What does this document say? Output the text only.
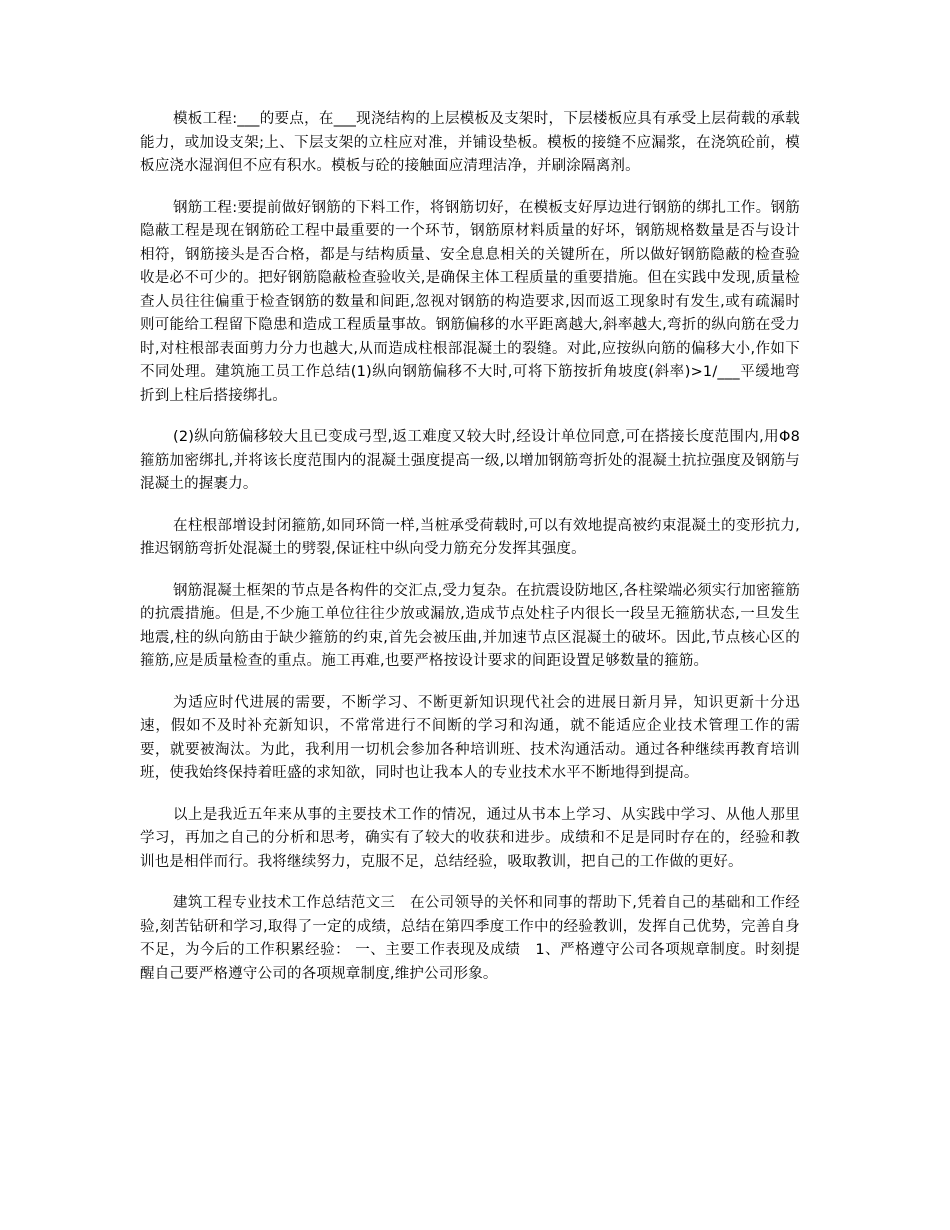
模板工程:___的要点，在___现浇结构的上层模板及支架时，下层楼板应具有承受上层荷载的承载能力，或加设支架;上、下层支架的立柱应对准，并铺设垫板。模板的接缝不应漏浆，在浇筑砼前，模板应浇水湿润但不应有积水。模板与砼的接触面应清理洁净，并刷涂隔离剂。

钢筋工程:要提前做好钢筋的下料工作，将钢筋切好，在模板支好厚边进行钢筋的绑扎工作。钢筋隐蔽工程是现在钢筋砼工程中最重要的一个环节，钢筋原材料质量的好坏，钢筋规格数量是否与设计相符，钢筋接头是否合格，都是与结构质量、安全息息相关的关键所在，所以做好钢筋隐蔽的检查验收是必不可少的。把好钢筋隐蔽检查验收关,是确保主体工程质量的重要措施。但在实践中发现,质量检查人员往往偏重于检查钢筋的数量和间距,忽视对钢筋的构造要求,因而返工现象时有发生,或有疏漏时则可能给工程留下隐患和造成工程质量事故。钢筋偏移的水平距离越大,斜率越大,弯折的纵向筋在受力时,对柱根部表面剪力分力也越大,从而造成柱根部混凝土的裂缝。对此,应按纵向筋的偏移大小,作如下不同处理。建筑施工员工作总结(1)纵向钢筋偏移不大时,可将下筋按折角坡度(斜率)>1/___平缓地弯折到上柱后搭接绑扎。

(2)纵向筋偏移较大且已变成弓型,返工难度又较大时,经设计单位同意,可在搭接长度范围内,用Φ8箍筋加密绑扎,并将该长度范围内的混凝土强度提高一级,以增加钢筋弯折处的混凝土抗拉强度及钢筋与混凝土的握裹力。

在柱根部增设封闭箍筋,如同环筒一样,当桩承受荷载时,可以有效地提高被约束混凝土的变形抗力,推迟钢筋弯折处混凝土的劈裂,保证柱中纵向受力筋充分发挥其强度。

钢筋混凝土框架的节点是各构件的交汇点,受力复杂。在抗震设防地区,各柱梁端必须实行加密箍筋的抗震措施。但是,不少施工单位往往少放或漏放,造成节点处柱子内很长一段呈无箍筋状态,一旦发生地震,柱的纵向筋由于缺少箍筋的约束,首先会被压曲,并加速节点区混凝土的破坏。因此,节点核心区的箍筋,应是质量检查的重点。施工再难,也要严格按设计要求的间距设置足够数量的箍筋。

为适应时代进展的需要，不断学习、不断更新知识现代社会的进展日新月异，知识更新十分迅速，假如不及时补充新知识，不常常进行不间断的学习和沟通，就不能适应企业技术管理工作的需要，就要被淘汰。为此，我利用一切机会参加各种培训班、技术沟通活动。通过各种继续再教育培训班，使我始终保持着旺盛的求知欲，同时也让我本人的专业技术水平不断地得到提高。

以上是我近五年来从事的主要技术工作的情况，通过从书本上学习、从实践中学习、从他人那里学习，再加之自己的分析和思考，确实有了较大的收获和进步。成绩和不足是同时存在的，经验和教训也是相伴而行。我将继续努力，克服不足，总结经验，吸取教训，把自己的工作做的更好。

建筑工程专业技术工作总结范文三　在公司领导的关怀和同事的帮助下,凭着自己的基础和工作经验,刻苦钻研和学习,取得了一定的成绩，总结在第四季度工作中的经验教训，发挥自己优势，完善自身不足，为今后的工作积累经验： 一、主要工作表现及成绩　1、严格遵守公司各项规章制度。时刻提醒自己要严格遵守公司的各项规章制度,维护公司形象。
